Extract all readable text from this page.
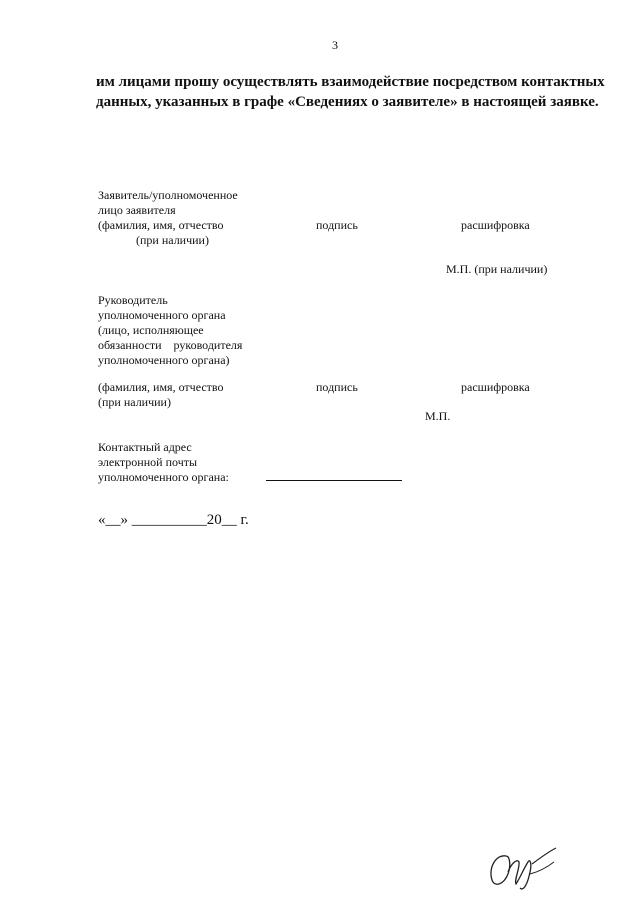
3
им лицами прошу осуществлять взаимодействие посредством контактных
данных, указанных в графе «Сведениях о заявителе» в настоящей заявке.
Заявитель/уполномоченное
лицо заявителя
(фамилия, имя, отчество
(при наличии)
подпись	расшифровка
М.П. (при наличии)
Руководитель
уполномоченного органа
(лицо, исполняющее
обязанности    руководителя
уполномоченного органа)
(фамилия, имя, отчество
(при наличии)
подпись	расшифровка
М.П.
Контактный адрес
электронной почты
уполномоченного органа:
«__» __________20__ г.
